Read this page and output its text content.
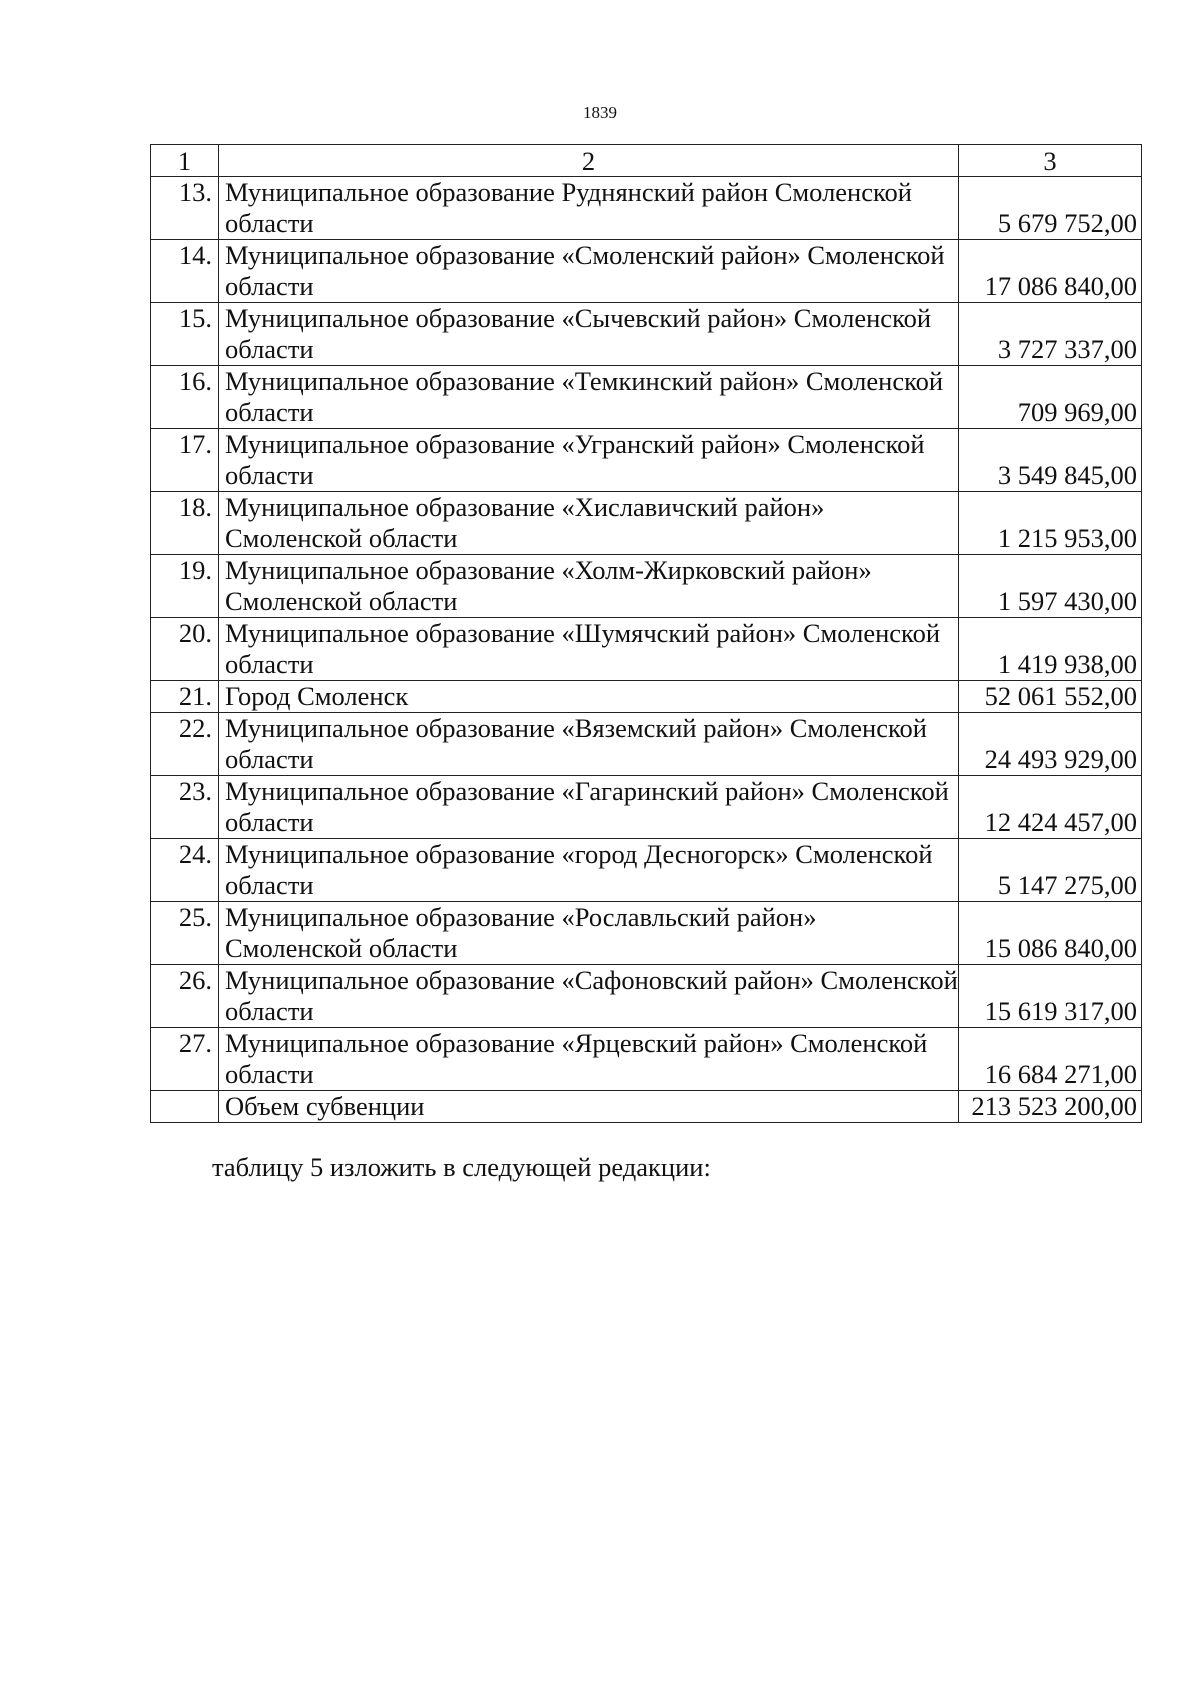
1839
1	2	3
13.	Муниципальное образование Руднянский район Смоленской области	5 679 752,00
14.	Муниципальное образование «Смоленский район» Смоленской области	17 086 840,00
15.	Муниципальное образование «Сычевский район» Смоленской области	3 727 337,00
16.	Муниципальное образование «Темкинский район» Смоленской области	709 969,00
17.	Муниципальное образование «Угранский район» Смоленской области	3 549 845,00
18.	Муниципальное образование «Хиславичский район» Смоленской области	1 215 953,00
19.	Муниципальное образование «Холм-Жирковский район» Смоленской области	1 597 430,00
20.	Муниципальное образование «Шумячский район» Смоленской области	1 419 938,00
21.	Город Смоленск	52 061 552,00
22.	Муниципальное образование «Вяземский район» Смоленской области	24 493 929,00
23.	Муниципальное образование «Гагаринский район» Смоленской области	12 424 457,00
24.	Муниципальное образование «город Десногорск» Смоленской области	5 147 275,00
25.	Муниципальное образование «Рославльский район» Смоленской области	15 086 840,00
26.	Муниципальное образование «Сафоновский район» Смоленской области	15 619 317,00
27.	Муниципальное образование «Ярцевский район» Смоленской области	16 684 271,00
	Объем субвенции	213 523 200,00
таблицу 5 изложить в следующей редакции:
